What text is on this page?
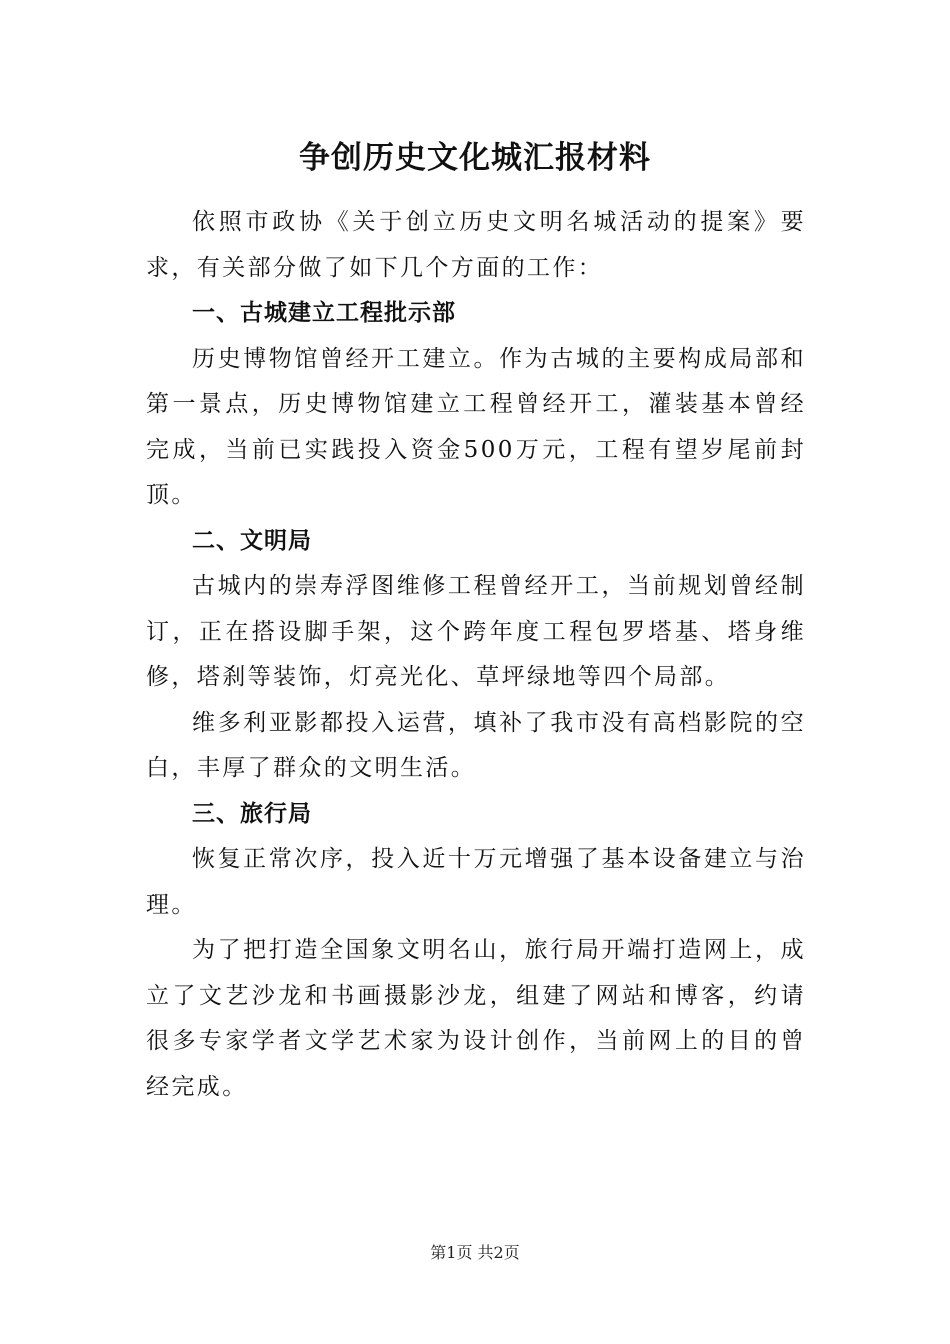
争创历史文化城汇报材料

依照市政协《关于创立历史文明名城活动的提案》要求，有关部分做了如下几个方面的工作：

一、古城建立工程批示部

历史博物馆曾经开工建立。作为古城的主要构成局部和第一景点，历史博物馆建立工程曾经开工，灌装基本曾经完成，当前已实践投入资金500万元，工程有望岁尾前封顶。

二、文明局

古城内的崇寿浮图维修工程曾经开工，当前规划曾经制订，正在搭设脚手架，这个跨年度工程包罗塔基、塔身维修，塔刹等装饰，灯亮光化、草坪绿地等四个局部。

维多利亚影都投入运营，填补了我市没有高档影院的空白，丰厚了群众的文明生活。

三、旅行局

恢复正常次序，投入近十万元增强了基本设备建立与治理。

为了把打造全国象文明名山，旅行局开端打造网上，成立了文艺沙龙和书画摄影沙龙，组建了网站和博客，约请很多专家学者文学艺术家为设计创作，当前网上的目的曾经完成。

第1页 共2页
